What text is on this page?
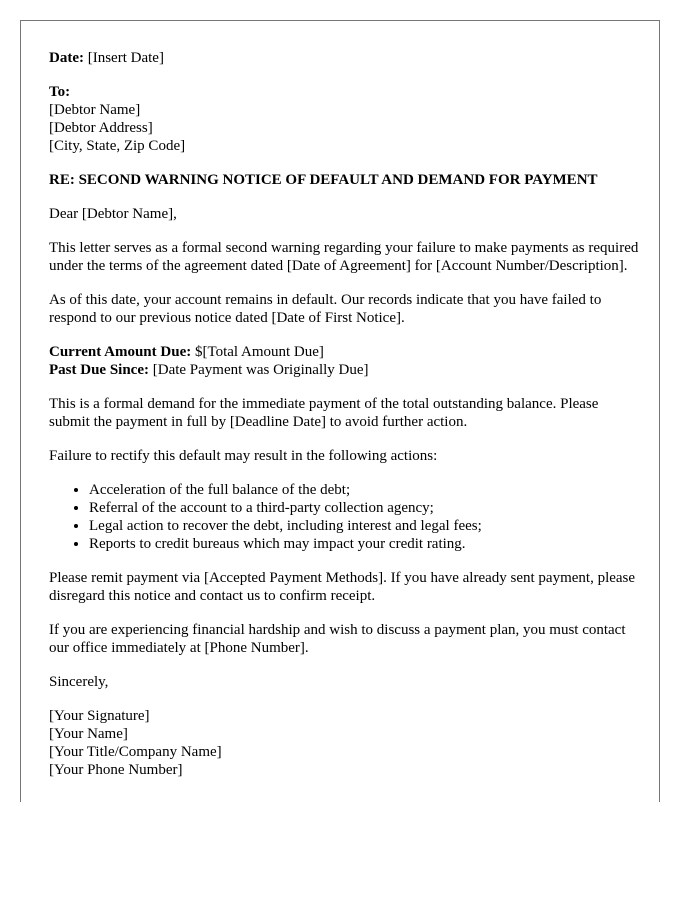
Date: [Insert Date]

To:
[Debtor Name]
[Debtor Address]
[City, State, Zip Code]

RE: SECOND WARNING NOTICE OF DEFAULT AND DEMAND FOR PAYMENT

Dear [Debtor Name],

This letter serves as a formal second warning regarding your failure to make payments as required under the terms of the agreement dated [Date of Agreement] for [Account Number/Description].

As of this date, your account remains in default. Our records indicate that you have failed to respond to our previous notice dated [Date of First Notice].

Current Amount Due: $[Total Amount Due]
Past Due Since: [Date Payment was Originally Due]

This is a formal demand for the immediate payment of the total outstanding balance. Please submit the payment in full by [Deadline Date] to avoid further action.

Failure to rectify this default may result in the following actions:

• Acceleration of the full balance of the debt;
• Referral of the account to a third-party collection agency;
• Legal action to recover the debt, including interest and legal fees;
• Reports to credit bureaus which may impact your credit rating.

Please remit payment via [Accepted Payment Methods]. If you have already sent payment, please disregard this notice and contact us to confirm receipt.

If you are experiencing financial hardship and wish to discuss a payment plan, you must contact our office immediately at [Phone Number].

Sincerely,

[Your Signature]
[Your Name]
[Your Title/Company Name]
[Your Phone Number]
